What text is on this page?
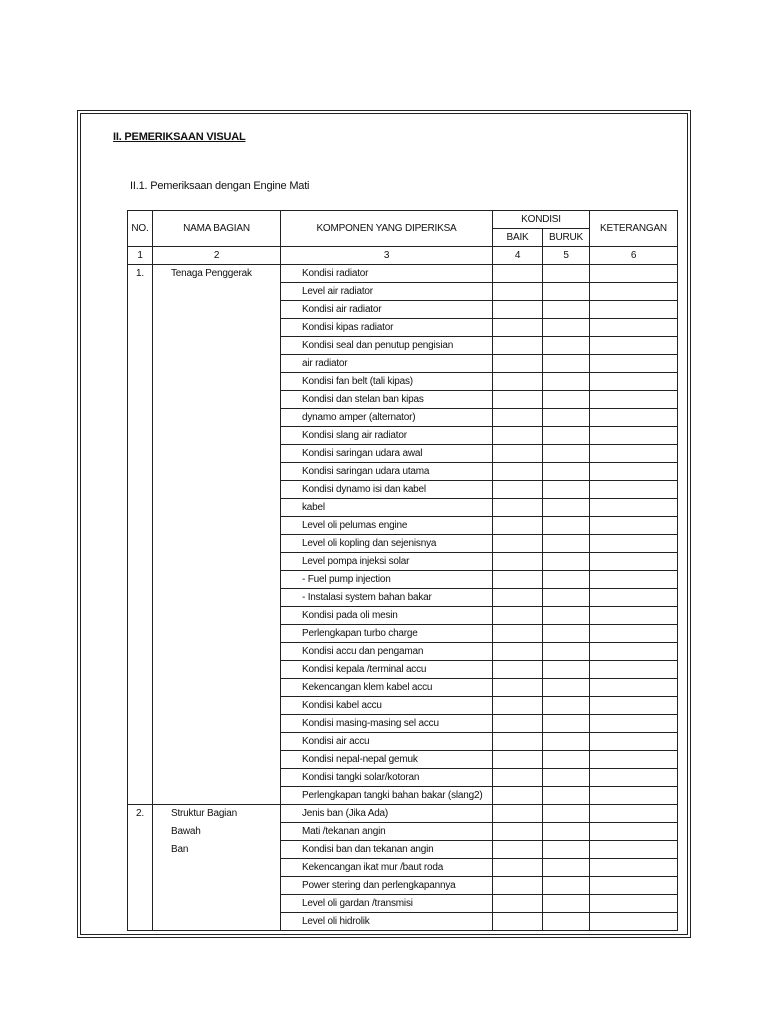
II. PEMERIKSAAN VISUAL
II.1. Pemeriksaan dengan Engine Mati
NO.	NAMA BAGIAN	KOMPONEN YANG DIPERIKSA	KONDISI		KETERANGAN
			BAIK	BURUK	
1	2	3	4	5	6
1.	Tenaga Penggerak	Kondisi radiator			
		Level air radiator			
		Kondisi air radiator			
		Kondisi kipas radiator			
		Kondisi seal dan penutup pengisian			
		air radiator			
		Kondisi fan belt (tali kipas)			
		Kondisi dan stelan ban kipas			
		dynamo amper (alternator)			
		Kondisi slang air radiator			
		Kondisi saringan udara awal			
		Kondisi saringan udara utama			
		Kondisi dynamo isi dan kabel			
		kabel			
		Level oli pelumas engine			
		Level oli kopling dan sejenisnya			
		Level pompa injeksi solar			
		- Fuel pump injection			
		- Instalasi system bahan bakar			
		Kondisi pada oli mesin			
		Perlengkapan turbo charge			
		Kondisi accu dan pengaman			
		Kondisi kepala /terminal accu			
		Kekencangan klem kabel accu			
		Kondisi kabel accu			
		Kondisi masing-masing sel accu			
		Kondisi air accu			
		Kondisi nepal-nepal gemuk			
		Kondisi tangki solar/kotoran			
		Perlengkapan tangki bahan bakar (slang2)			
2.	Struktur Bagian	Jenis ban (Jika Ada)			
	Bawah	Mati /tekanan angin			
	Ban	Kondisi ban dan tekanan angin			
		Kekencangan ikat mur /baut roda			
		Power stering dan perlengkapannya			
		Level oli gardan /transmisi			
		Level oli hidrolik			
